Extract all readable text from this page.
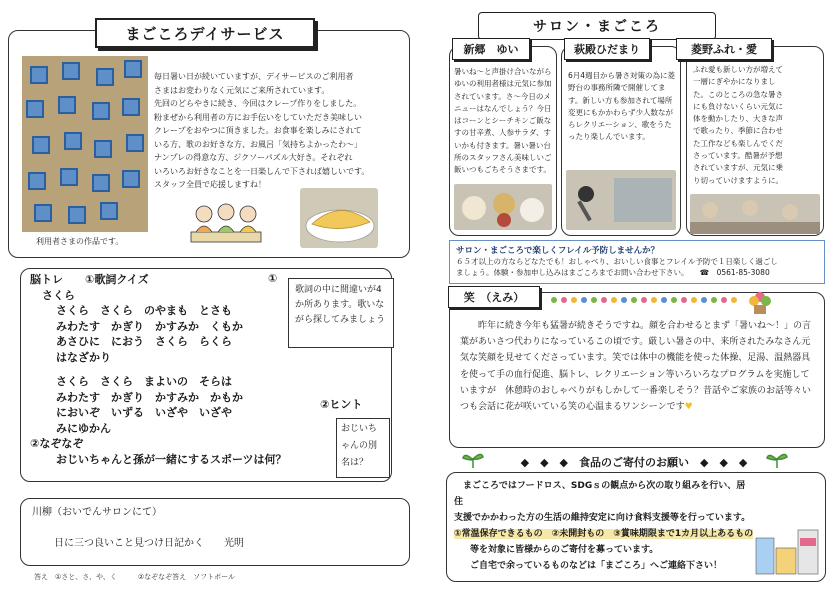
まごころデイサービス
利用者さまの作品です。
毎日暑い日が続いていますが、デイサービスのご利用者
さまはお変わりなく元気にご来所されています。
先回のどらやきに続き、今回はクレープ作りをしました。
粉まぜから利用者の方にお手伝いをしていただき美味しい
クレープをおやつに頂きました。お食事を楽しみにされて
いる方、歌のお好きな方、お風呂「気持ちよかったわ～」
ナンプレの得意な方、ジクソーパズル大好き。それぞれ
いろいろお好きなことを一日楽しんで下されば嬉しいです。
スタッフ全員で応援しますね！
脳トレ　　 ①歌詞クイズ
さくら
さくら　さくら　のやまも　とさも
みわたす　かぎり　かすみか　くもか
あさひに　におう　さくら　らくら
はなざかり
さくら　さくら　まよいの　そらは
みわたす　かぎり　かすみか　かもか
においぞ　いずる　いざや　いざや
みにゆかん
②なぞなぞ
おじいちゃんと孫が一緒にするスポーツは何？
①
歌詞の中に間違いが4か所あります。歌いながら探してみましょう
②ヒント
おじいちゃんの別名は？
川柳（おいでんサロンにて）
日に三つ良いこと見つけ日記かく　　光明
答え　①さと、さ、や、く　　　②なぞなぞ答え　ソフトボール
サロン・まごころ
新郷　ゆい
暑いね～と声掛け合いながらゆいの利用者様は元気に参加されています。さ～今日のメニューはなんでしょう？今日はコーンとシーチキンご飯なすの甘辛煮、人参サラダ、すいかも付きます。暑い暑い台所のスタッフさん美味しいご飯いつもごちそうさまです。
萩殿ひだまり
6月4週目から暑さ対策の為に菱野台の事務所隣で開催してます。新しい方も参加されて場所変更にもかかわらず少人数ながらレクリエーション、歌をうたったり楽しんでいます。
菱野ふれ・愛
ふれ愛も新しい方が増えて一層にぎやかになりました。このところの急な暑さにも負けないくらい元気に体を動かしたり、大きな声で歌ったり、季節に合わせた工作なども楽しんでくださっています。酷暑が予想されていますが、元気に乗り切っていけますように。
サロン・まごころで楽しくフレイル予防しませんか？
６５才以上の方ならどなたでも！おしゃべり、おいしい食事とフレイル予防で１日楽しく過ごし
ましょう。体験・参加申し込みはまごころまでお問い合わせ下さい。　　 ☎　0561-85-3080
笑　（えみ）
昨年に続き今年も猛暑が続きそうですね。顔を合わせるとまず「暑いね～！」の言葉があいさつ代わりになっているこの頃です。厳しい暑さの中、来所されたみなさん元気な笑顔を見せてくださっています。笑では体中の機能を使った体操、足湯、温熱器具を使って手の血行促進、脳トレ、レクリエーション等いろいろなプログラムを実施していますが　休憩時のおしゃべりがもしかして一番楽しそう？昔話やご家族のお話等々いつも会話に花が咲いている笑の心温まるワンシーンです♥
◆　◆　◆　食品のご寄付のお願い　◆　◆　◆
まごころではフードロス、SDGｓの観点から次の取り組みを行い、居住
支援でかかわった方の生活の維持安定に向け食料支援等を行っています。
①常温保存できるもの　②未開封もの　③賞味期限まで1カ月以上あるもの
等を対象に皆様からのご寄付を募っています。
ご自宅で余っているものなどは「まごころ」へご連絡下さい！
